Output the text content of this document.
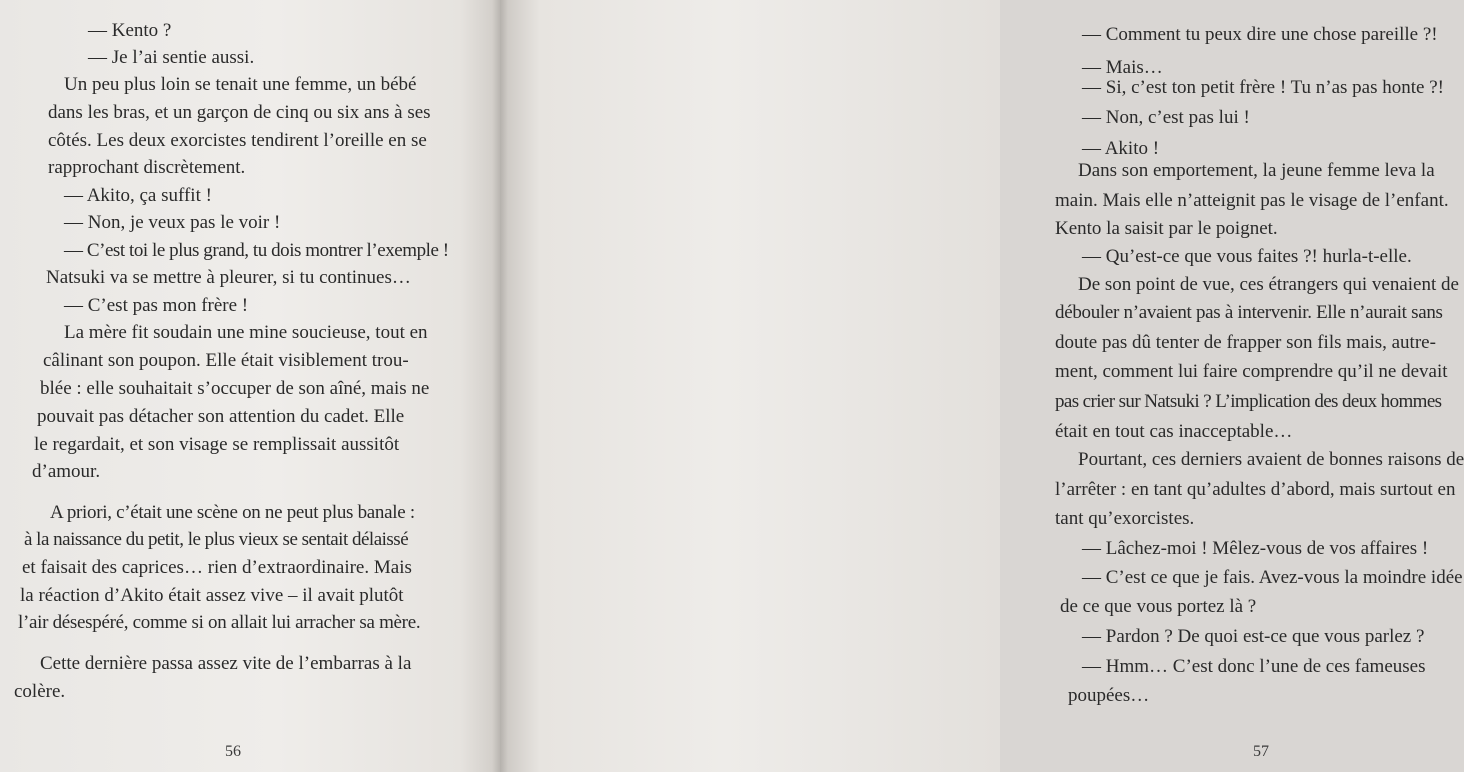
— Kento ?
— Je l’ai sentie aussi.
Un peu plus loin se tenait une femme, un bébé
dans les bras, et un garçon de cinq ou six ans à ses
côtés. Les deux exorcistes tendirent l’oreille en se
rapprochant discrètement.
— Akito, ça suffit !
— Non, je veux pas le voir !
— C’est toi le plus grand, tu dois montrer l’exemple !
Natsuki va se mettre à pleurer, si tu continues…
— C’est pas mon frère !
La mère fit soudain une mine soucieuse, tout en
câlinant son poupon. Elle était visiblement trou-
blée : elle souhaitait s’occuper de son aîné, mais ne
pouvait pas détacher son attention du cadet. Elle
le regardait, et son visage se remplissait aussitôt
d’amour.
A priori, c’était une scène on ne peut plus banale :
à la naissance du petit, le plus vieux se sentait délaissé
et faisait des caprices… rien d’extraordinaire. Mais
la réaction d’Akito était assez vive – il avait plutôt
l’air désespéré, comme si on allait lui arracher sa mère.
Cette dernière passa assez vite de l’embarras à la
colère.
56
— Comment tu peux dire une chose pareille ?!
— Mais…
— Si, c’est ton petit frère ! Tu n’as pas honte ?!
— Non, c’est pas lui !
— Akito !
Dans son emportement, la jeune femme leva la
main. Mais elle n’atteignit pas le visage de l’enfant.
Kento la saisit par le poignet.
— Qu’est-ce que vous faites ?! hurla-t-elle.
De son point de vue, ces étrangers qui venaient de
débouler n’avaient pas à intervenir. Elle n’aurait sans
doute pas dû tenter de frapper son fils mais, autre-
ment, comment lui faire comprendre qu’il ne devait
pas crier sur Natsuki ? L’implication des deux hommes
était en tout cas inacceptable…
Pourtant, ces derniers avaient de bonnes raisons de
l’arrêter : en tant qu’adultes d’abord, mais surtout en
tant qu’exorcistes.
— Lâchez-moi ! Mêlez-vous de vos affaires !
— C’est ce que je fais. Avez-vous la moindre idée
de ce que vous portez là ?
— Pardon ? De quoi est-ce que vous parlez ?
— Hmm… C’est donc l’une de ces fameuses
poupées…
57
